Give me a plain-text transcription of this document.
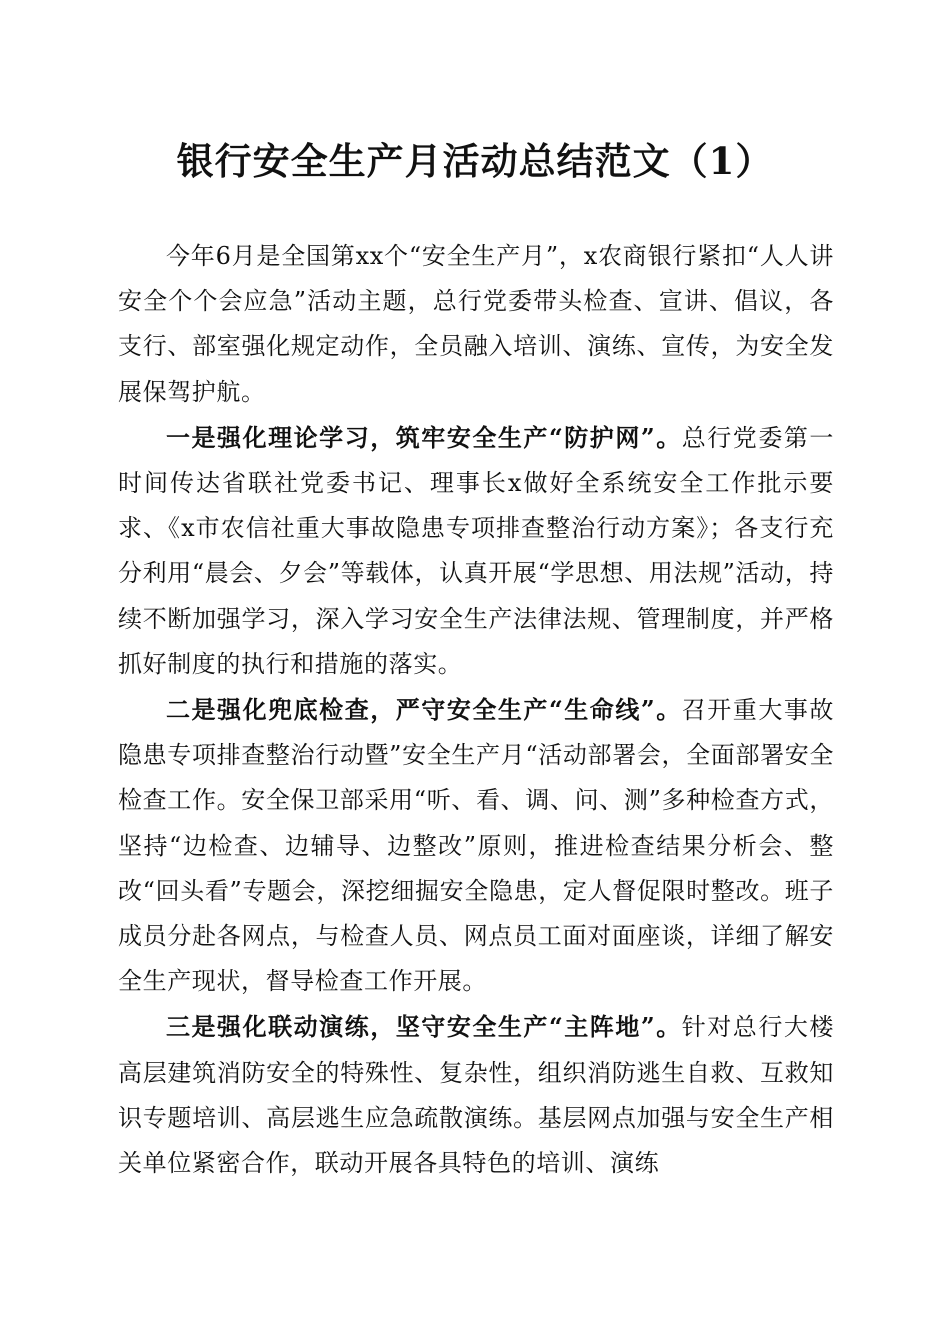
银行安全生产月活动总结范文（1）

今年6月是全国第xx个“安全生产月”，x农商银行紧扣“人人讲安全个个会应急”活动主题，总行党委带头检查、宣讲、倡议，各支行、部室强化规定动作，全员融入培训、演练、宣传，为安全发展保驾护航。

一是强化理论学习，筑牢安全生产“防护网”。总行党委第一时间传达省联社党委书记、理事长x做好全系统安全工作批示要求、《x市农信社重大事故隐患专项排查整治行动方案》；各支行充分利用“晨会、夕会”等载体，认真开展“学思想、用法规”活动，持续不断加强学习，深入学习安全生产法律法规、管理制度，并严格抓好制度的执行和措施的落实。

二是强化兜底检查，严守安全生产“生命线”。召开重大事故隐患专项排查整治行动暨”安全生产月“活动部署会，全面部署安全检查工作。安全保卫部采用“听、看、调、问、测”多种检查方式，坚持“边检查、边辅导、边整改”原则，推进检查结果分析会、整改“回头看”专题会，深挖细掘安全隐患，定人督促限时整改。班子成员分赴各网点，与检查人员、网点员工面对面座谈，详细了解安全生产现状，督导检查工作开展。

三是强化联动演练，坚守安全生产“主阵地”。针对总行大楼高层建筑消防安全的特殊性、复杂性，组织消防逃生自救、互救知识专题培训、高层逃生应急疏散演练。基层网点加强与安全生产相关单位紧密合作，联动开展各具特色的培训、演练
